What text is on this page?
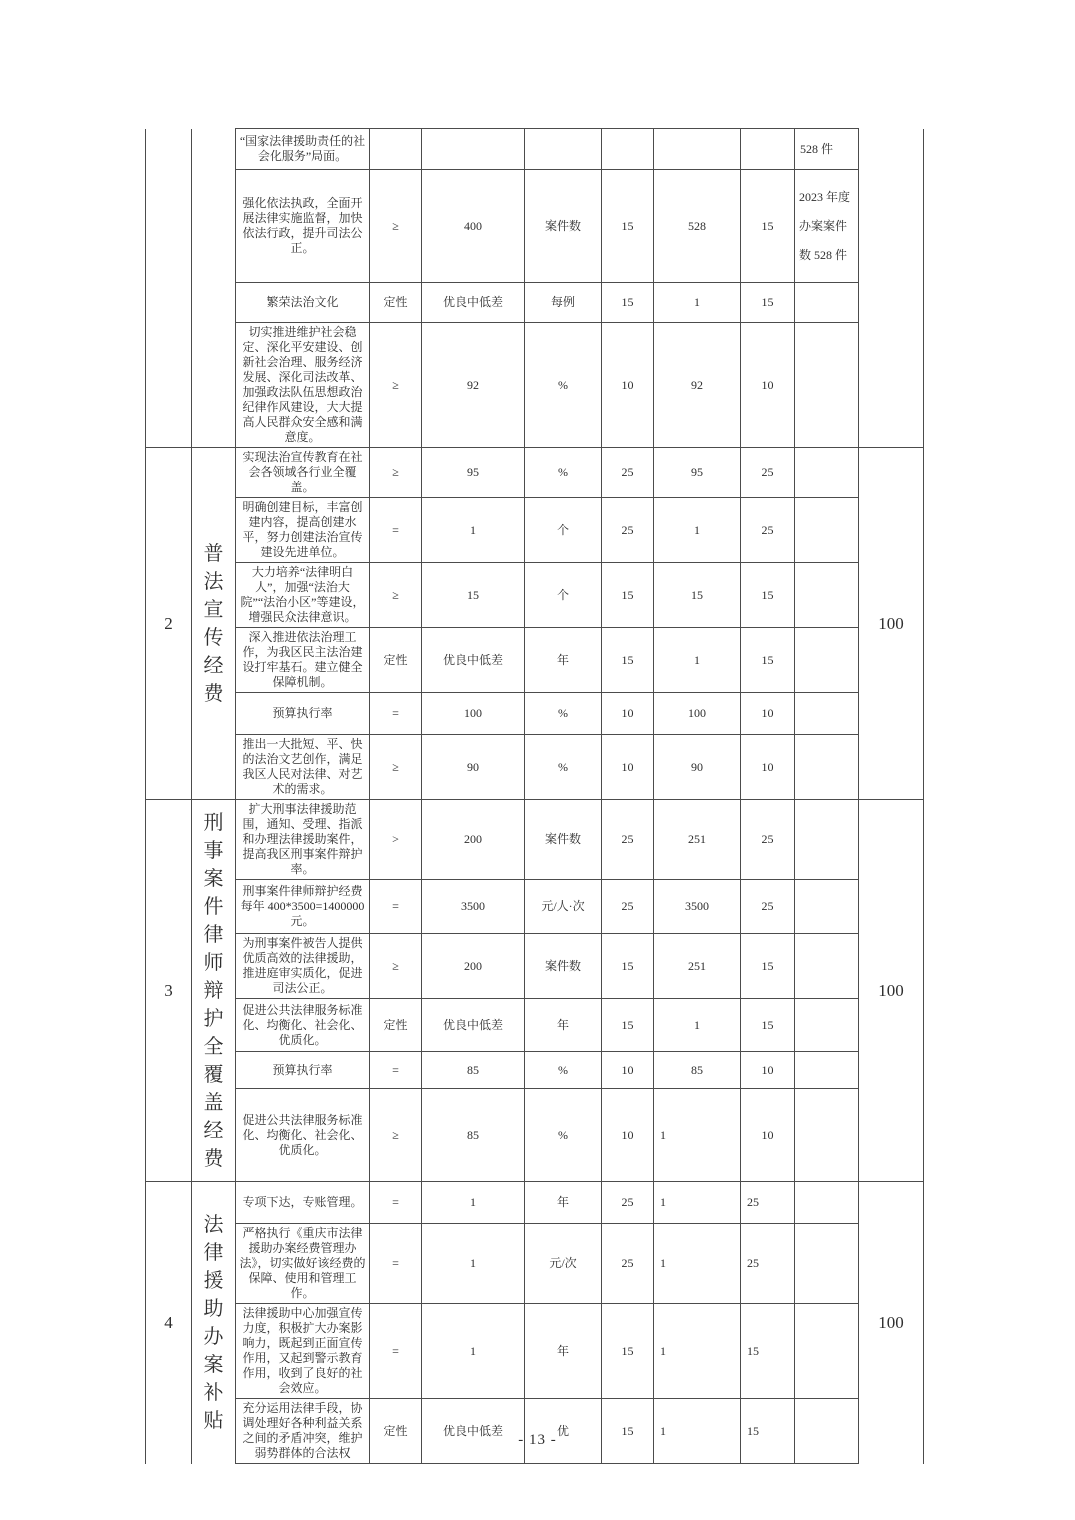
	“国家法律援助责任的社会化服务”局面。							528 件	
		强化依法执政，全面开展法律实施监督，加快依法行政，提升司法公正。	≥	400	案件数	15	528	15	2023 年度办案案件数 528 件	
		繁荣法治文化	定性	优良中低差	每例	15	1	15		
		切实推进维护社会稳定、深化平安建设、创新社会治理、服务经济发展、深化司法改革、加强政法队伍思想政治纪律作风建设，大大提高人民群众安全感和满意度。	≥	92	%	10	92	10		
2	普法宣传经费	实现法治宣传教育在社会各领域各行业全覆盖。	≥	95	%	25	95	25		100
		明确创建目标，丰富创建内容，提高创建水平，努力创建法治宣传建设先进单位。	=	1	个	25	1	25		
		大力培养“法律明白人”，加强“法治大院”“法治小区”等建设，增强民众法律意识。	≥	15	个	15	15	15		
		深入推进依法治理工作，为我区民主法治建设打牢基石。建立健全保障机制。	定性	优良中低差	年	15	1	15		
		预算执行率	=	100	%	10	100	10		
		推出一大批短、平、快的法治文艺创作，满足我区人民对法律、对艺术的需求。	≥	90	%	10	90	10		
3	刑事案件律师辩护全覆盖经费	扩大刑事法律援助范围，通知、受理、指派和办理法律援助案件，提高我区刑事案件辩护率。	>	200	案件数	25	251	25		100
		刑事案件律师辩护经费每年 400*3500=1400000 元。	=	3500	元/人·次	25	3500	25		
		为刑事案件被告人提供优质高效的法律援助，推进庭审实质化，促进司法公正。	≥	200	案件数	15	251	15		
		促进公共法律服务标准化、均衡化、社会化、优质化。	定性	优良中低差	年	15	1	15		
		预算执行率	=	85	%	10	85	10		
		促进公共法律服务标准化、均衡化、社会化、优质化。	≥	85	%	10	1	10		
4	法律援助办案补贴	专项下达，专账管理。	=	1	年	25	1	25		100
		严格执行《重庆市法律援助办案经费管理办法》，切实做好该经费的保障、使用和管理工作。	=	1	元/次	25	1	25		
		法律援助中心加强宣传力度，积极扩大办案影响力，既起到正面宣传作用，又起到警示教育作用，收到了良好的社会效应。	=	1	年	15	1	15		
		充分运用法律手段，协调处理好各种利益关系之间的矛盾冲突，维护弱势群体的合法权	定性	优良中低差	优	15	1	15		
- 13 -
